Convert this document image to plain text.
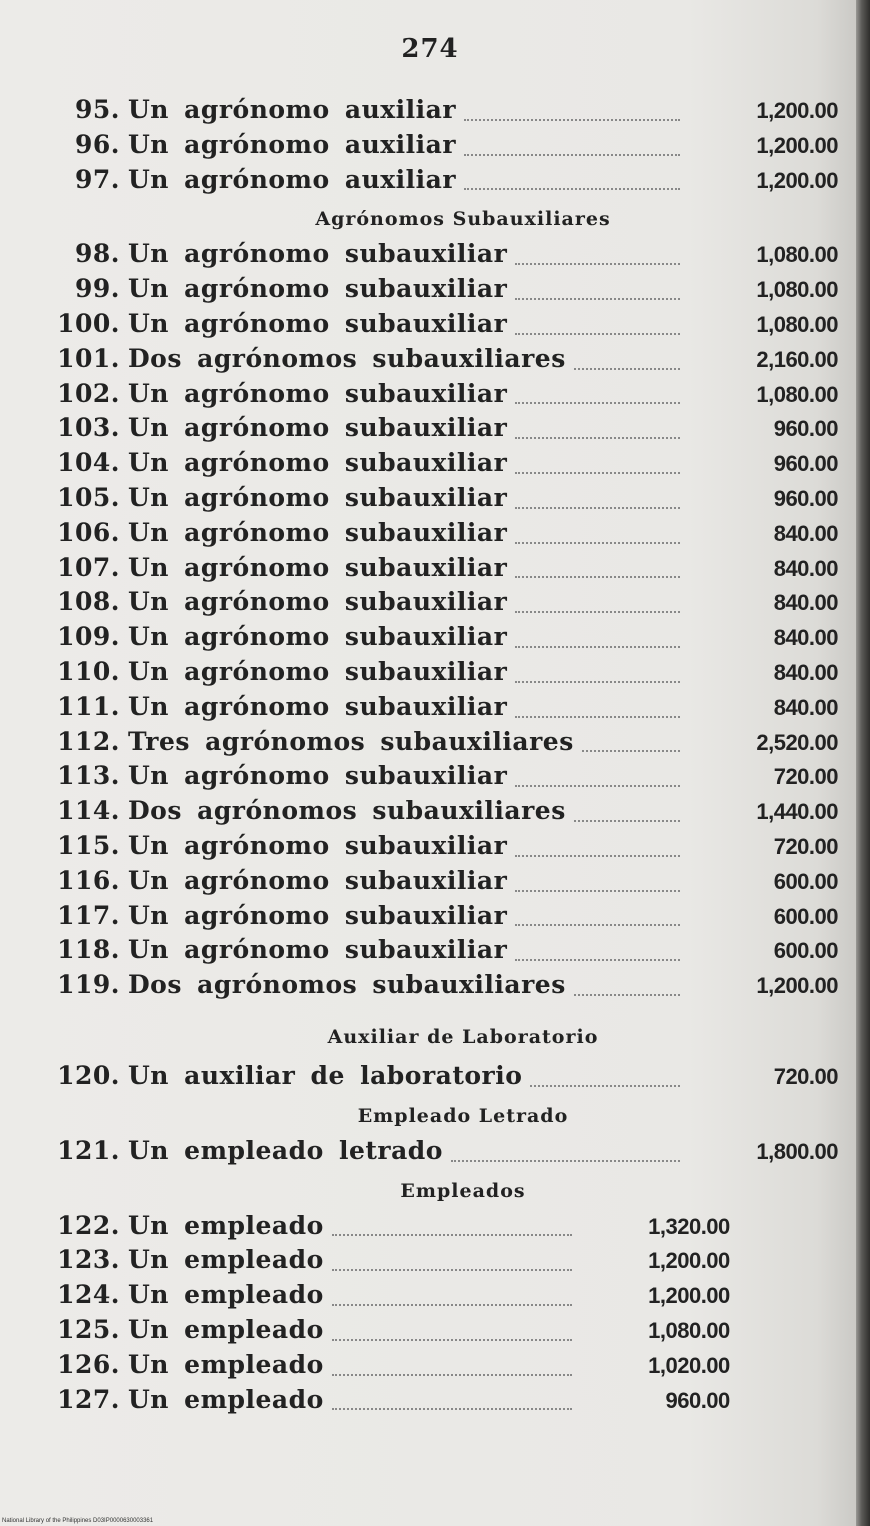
274
95. Un agrónomo auxiliar	1,200.00
96. Un agrónomo auxiliar	1,200.00
97. Un agrónomo auxiliar	1,200.00
Agrónomos Subauxiliares
98. Un agrónomo subauxiliar	1,080.00
99. Un agrónomo subauxiliar	1,080.00
100. Un agrónomo subauxiliar	1,080.00
101. Dos agrónomos subauxiliares	2,160.00
102. Un agrónomo subauxiliar	1,080.00
103. Un agrónomo subauxiliar	960.00
104. Un agrónomo subauxiliar	960.00
105. Un agrónomo subauxiliar	960.00
106. Un agrónomo subauxiliar	840.00
107. Un agrónomo subauxiliar	840.00
108. Un agrónomo subauxiliar	840.00
109. Un agrónomo subauxiliar	840.00
110. Un agrónomo subauxiliar	840.00
111. Un agrónomo subauxiliar	840.00
112. Tres agrónomos subauxiliares	2,520.00
113. Un agrónomo subauxiliar	720.00
114. Dos agrónomos subauxiliares	1,440.00
115. Un agrónomo subauxiliar	720.00
116. Un agrónomo subauxiliar	600.00
117. Un agrónomo subauxiliar	600.00
118. Un agrónomo subauxiliar	600.00
119. Dos agrónomos subauxiliares	1,200.00
Auxiliar de Laboratorio
120. Un auxiliar de laboratorio	720.00
Empleado Letrado
121. Un empleado letrado	1,800.00
Empleados
122. Un empleado	1,320.00
123. Un empleado	1,200.00
124. Un empleado	1,200.00
125. Un empleado	1,080.00
126. Un empleado	1,020.00
127. Un empleado	960.00
National Library of the Philippines D03IP0000630003361
